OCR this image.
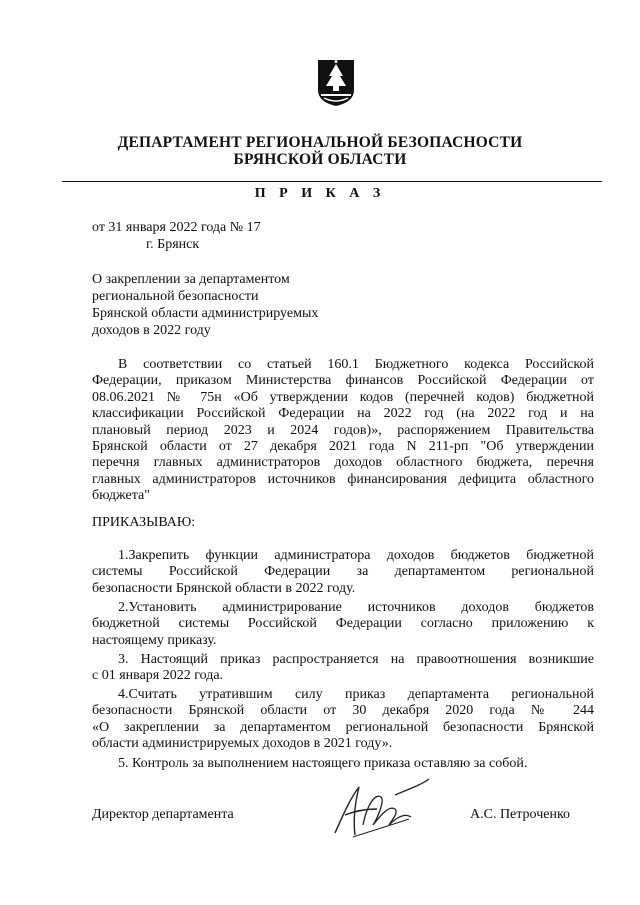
ДЕПАРТАМЕНТ РЕГИОНАЛЬНОЙ БЕЗОПАСНОСТИ
БРЯНСКОЙ ОБЛАСТИ
П Р И К А З
от 31 января 2022 года № 17
г. Брянск
О закреплении за департаментом
региональной безопасности
Брянской области администрируемых
доходов в 2022 году
В соответствии со статьей 160.1 Бюджетного кодекса Российской
Федерации, приказом Министерства финансов Российской Федерации от
08.06.2021 № 75н «Об утверждении кодов (перечней кодов) бюджетной
классификации Российской Федерации на 2022 год (на 2022 год и на
плановый период 2023 и 2024 годов)», распоряжением Правительства
Брянской области от 27 декабря 2021 года N 211-рп "Об утверждении
перечня главных администраторов доходов областного бюджета, перечня
главных администраторов источников финансирования дефицита областного
бюджета"
ПРИКАЗЫВАЮ:
1.Закрепить функции администратора доходов бюджетов бюджетной
системы Российской Федерации за департаментом региональной
безопасности Брянской области в 2022 году.
2.Установить администрирование источников доходов бюджетов
бюджетной системы Российской Федерации согласно приложению к
настоящему приказу.
3. Настоящий приказ распространяется на правоотношения возникшие
с 01 января 2022 года.
4.Считать утратившим силу приказ департамента региональной
безопасности Брянской области от 30 декабря 2020 года № 244
«О закреплении за департаментом региональной безопасности Брянской
области администрируемых доходов в 2021 году».
5. Контроль за выполнением настоящего приказа оставляю за собой.
Директор департамента	А.С. Петроченко
